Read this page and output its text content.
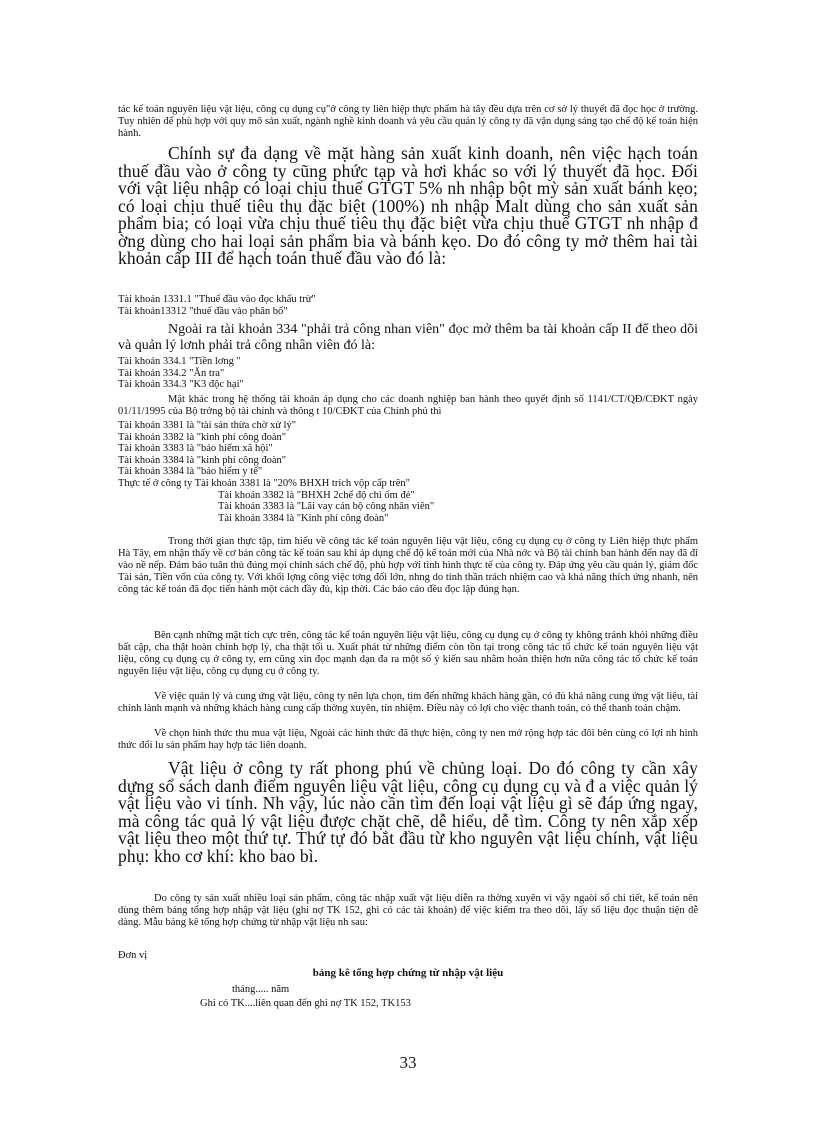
tác kế toán nguyên liệu vật liệu, công cụ dụng cụ"ở công ty liên hiệp thực phẩm hà tây đều dựa trên cơ sở lý thuyết đã đọc học ở trường. Tuy nhiên để phù hợp với quy mô sản xuất, ngành nghề kinh doanh và yêu cầu quản lý công ty đã vận dụng sáng tạo chế độ kế toán hiện hành.

Chính sự đa dạng về mặt hàng sản xuất kinh doanh, nên việc hạch toán thuế đầu vào ở công ty cũng phức tạp và hơi khác so với lý thuyết đã học. Đối với vật liệu nhập có loại chịu thuế GTGT 5% nh nhập bột mỳ sản xuất bánh kẹo; có loại chịu thuế tiêu thụ đặc biệt (100%) nh nhập Malt dùng cho sản xuất sản phẩm bia; có loại vừa chịu thuế tiêu thụ đặc biệt vừa chịu thuế GTGT nh nhập đ ờng dùng cho hai loại sản phẩm bia và bánh kẹo. Do đó công ty mở thêm hai tài khoản cấp III để hạch toán thuế đầu vào đó là:

Tài khoản 1331.1 "Thuế đầu vào đọc khấu trừ"
Tài khoản13312 "thuế đầu vào phân bổ"

Ngoài ra tài khoản 334 "phải trả công nhan viên" đọc mở thêm ba tài khoản cấp II để theo dõi và quản lý lơnh phải trả công nhân viên đó là:

Tài khoản 334.1 "Tiền lơng "
Tài khoản 334.2 "Ăn tra"
Tài khoản 334.3 "K3 độc hại"

Mặt khác trong hệ thống tài khoản áp dụng cho các doanh nghiệp ban hành theo quyết định số 1141/CT/QĐ/CĐKT ngày 01/11/1995 của Bộ trởng bộ tài chính và thông t 10/CĐKT của Chính phủ thì

Tài khoản 3381 là "tài sản thừa chờ xử lý"
Tài khoản 3382 là "kinh phí công đoàn"
Tài khoản 3383 là "bảo hiểm xã hội"
Tài khoản 3384 là "kinh phí công đoàn"
Tài khoản 3384 là "bảo hiểm y tế"
Thực tế ở công ty Tài khoản 3381 là "20% BHXH trích vộp cấp trên"
Tài khoản 3382 là "BHXH 2chế độ chi ốm đẻ"
Tài khoản 3383 là "Lãi vay cán bộ công nhân viên"
Tài khoản 3384 là "Kinh phí công đoàn"

Trong thời gian thực tập, tìm hiểu về công tác kế toán nguyên liệu vật liệu, công cụ dụng cụ ở công ty Liên hiệp thực phẩm Hà Tây, em nhận thấy về cơ bản công tác kế toán sau khi áp dụng chế độ kế toán mới của Nhà nớc và Bộ tài chính ban hành đến nay đã đi vào nề nếp. Đảm bảo tuân thủ đúng mọi chính sách chế độ, phù hợp với tình hình thực tế của công ty. Đáp ứng yêu cầu quản lý, giám đốc Tài sản, Tiền vốn của công ty. Với khối lợng công việc tơng đối lớn, nhng do tinh thần trách nhiệm cao và khả năng thích ứng nhanh, nên công tác kế toán đã đọc tiến hành một cách đầy đủ, kịp thời. Các báo cáo đều đọc lập đúng hạn.

Bên cạnh những mặt tích cực trên, công tác kế toán nguyên liệu vật liệu, công cụ dụng cụ ở công ty không tránh khỏi những điều bất cập, cha thật hoàn chỉnh hợp lý, cha thật tối u. Xuất phát từ những điểm còn tồn tại trong công tác tổ chức kế toán nguyên liệu vật liệu, công cụ dụng cụ ở công ty, em cũng xin đọc mạnh dạn đa ra một số ý kiến sau nhằm hoàn thiện hơn nữa công tác tổ chức kế toán nguyên liệu vật liệu, công cụ dụng cụ ở công ty.

Về việc quản lý và cung ứng vật liệu, công ty nên lựa chọn, tìm đến những khách hàng gần, có đủ khả năng cung ứng vật liệu, tài chính lành mạnh và những khách hàng cung cấp thờng xuyên, tín nhiệm. Điều này có lợi cho việc thanh toán, có thể thanh toán chậm.

Về chọn hình thức thu mua vật liệu, Ngoài các hình thức đã thực hiện, công ty nen mở rộng hợp tác đôi bên cùng có lợi nh hình thức đổi lu sản phẩm hay hợp tác liên doanh.

Vật liệu ở công ty rất phong phú về chủng loại. Do đó công ty cần xây dựng sổ sách danh điểm nguyên liệu vật liệu, công cụ dụng cụ và đ a việc quản lý vật liệu vào vi tính. Nh vậy, lúc nào cần tìm đến loại vật liệu gì sẽ đáp ứng ngay, mà công tác quả lý vật liệu được chặt chẽ, dễ hiểu, dễ tìm. Công ty nên xắp xếp vật liệu theo một thứ tự. Thứ tự đó bắt đầu từ kho nguyên vật liệu chính, vật liệu phụ: kho cơ khí: kho bao bì.

Do công ty sản xuất nhiều loại sản phẩm, công tác nhập xuất vật liệu diễn ra thờng xuyên vì vậy ngaòi sổ chi tiết, kế toán nên dùng thêm bảng tổng hợp nhập vật liệu (ghi nợ TK 152, ghi có các tài khoản) để việc kiểm tra theo dõi, lấy số liệu đọc thuận tiện dễ dàng. Mẫu bảng kê tổng hợp chứng từ nhập vật liệu nh sau:

Đơn vị
bảng kê tổng hợp chứng từ nhập vật liệu
tháng..... năm
Ghi có TK....liên quan đến ghi nợ TK 152, TK153
33
